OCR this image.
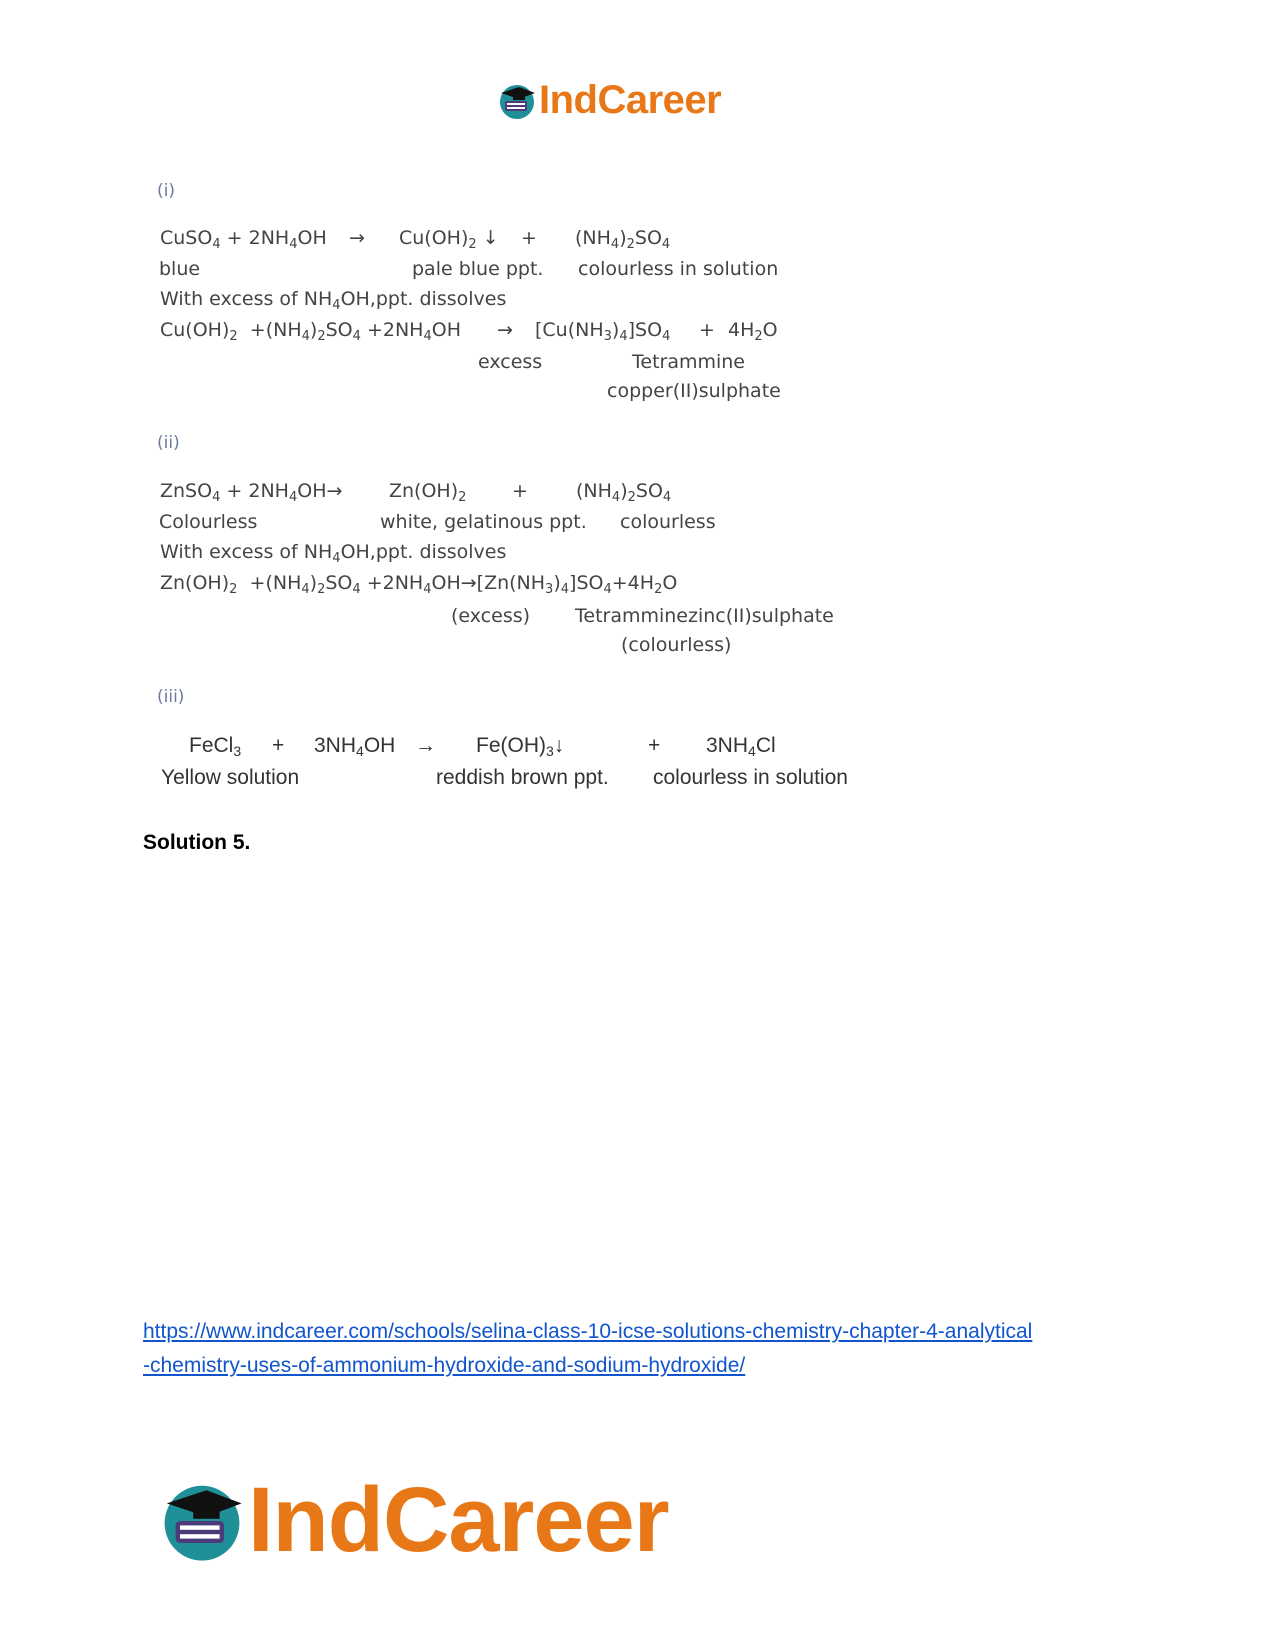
IndCareer
(i)
CuSO$_4$ + $2NH_4OH \to Cu(OH)_2$ ↓ + $(NH_4)_2SO_4$
blue	pale blue ppt. colourless in solution
With excess of $NH_4OH,ppt$. dissolves
$Cu(OH)_2 +(NH_4)_2SO_4 +2NH_4OH \to [Cu(NH_3)_4]SO_4 + 4H_2O$
excess	Tetrammine
copper(II)sulphate
(ii)
ZnSO$_4$ + $2NH_4OH\to Zn(OH)_2$ +	$(NH_4)_2SO_4$
Colourless	white, gelatinous ppt. colourless
With excess of $NH_4OH,ppt$. dissolves
$Zn(OH)_2 +(NH_4)_2SO_4 +2NH_4OH\to[Zn(NH_3)_4]SO_4+4H_2O$
(excess) Tetramminezinc(II)sulphate
(colourless)
(iii)
FeCl$_3$ + $3NH_4OH$ → $Fe(OH)_3↓$	+ $3NH_4Cl$
Yellow solution	reddish brown ppt. colourless in solution
Solution 5.
https://www.indcareer.com/schools/selina-class-10-icse-solutions-chemistry-chapter-4-analytical
-chemistry-uses-of-ammonium-hydroxide-and-sodium-hydroxide/
IndCareer
